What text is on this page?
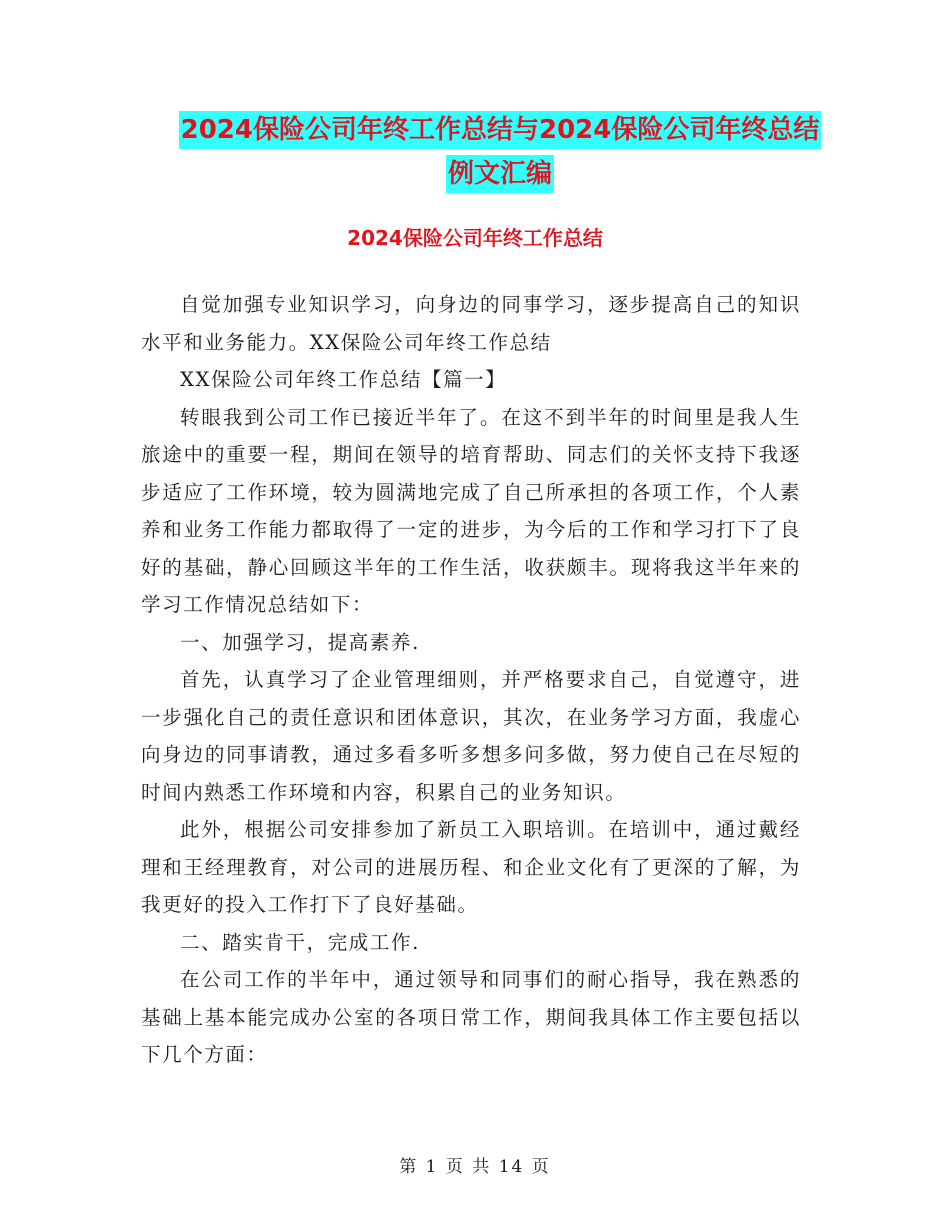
2024保险公司年终工作总结与2024保险公司年终总结
例文汇编
2024保险公司年终工作总结

自觉加强专业知识学习，向身边的同事学习，逐步提高自己的知识水平和业务能力。XX保险公司年终工作总结

XX保险公司年终工作总结【篇一】

转眼我到公司工作已接近半年了。在这不到半年的时间里是我人生旅途中的重要一程，期间在领导的培育帮助、同志们的关怀支持下我逐步适应了工作环境，较为圆满地完成了自己所承担的各项工作，个人素养和业务工作能力都取得了一定的进步，为今后的工作和学习打下了良好的基础，静心回顾这半年的工作生活，收获颇丰。现将我这半年来的学习工作情况总结如下：

一、加强学习，提高素养.

首先，认真学习了企业管理细则，并严格要求自己，自觉遵守，进一步强化自己的责任意识和团体意识，其次，在业务学习方面，我虚心向身边的同事请教，通过多看多听多想多问多做，努力使自己在尽短的时间内熟悉工作环境和内容，积累自己的业务知识。

此外，根据公司安排参加了新员工入职培训。在培训中，通过戴经理和王经理教育，对公司的进展历程、和企业文化有了更深的了解，为我更好的投入工作打下了良好基础。

二、踏实肯干，完成工作.

在公司工作的半年中，通过领导和同事们的耐心指导，我在熟悉的基础上基本能完成办公室的各项日常工作，期间我具体工作主要包括以下几个方面：

第 1 页 共 14 页
